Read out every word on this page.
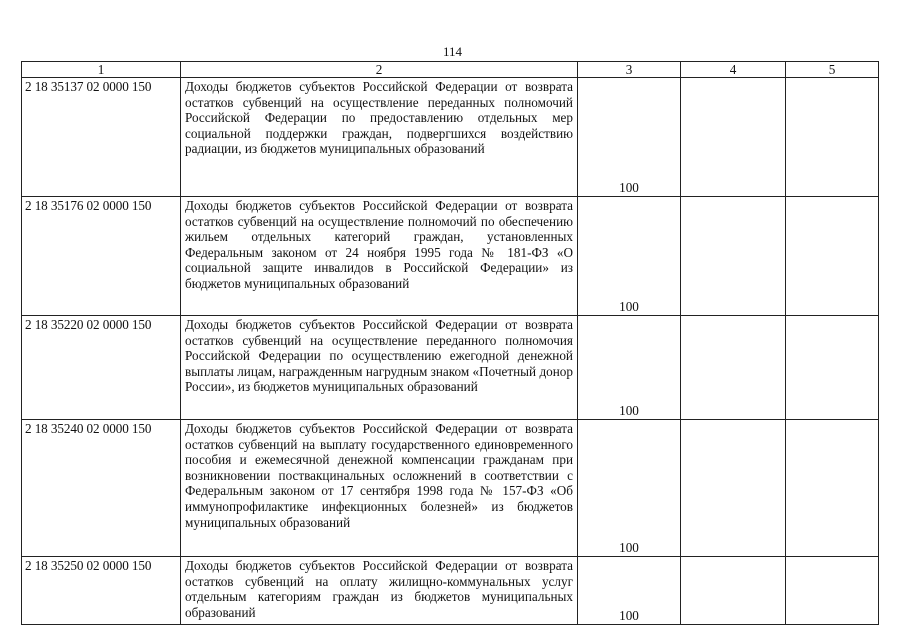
114
1	2	3	4	5
2 18 35137 02 0000 150	Доходы бюджетов субъектов Российской Федерации от возврата остатков субвенций на осуществление переданных полномочий Российской Федерации по предоставлению отдельных мер социальной поддержки граждан, подвергшихся воздействию радиации, из бюджетов муниципальных образований	100		
2 18 35176 02 0000 150	Доходы бюджетов субъектов Российской Федерации от возврата остатков субвенций на осуществление полномочий по обеспечению жильем отдельных категорий граждан, установленных Федеральным законом от 24 ноября 1995 года № 181-ФЗ «О социальной защите инвалидов в Российской Федерации» из бюджетов муниципальных образований	100		
2 18 35220 02 0000 150	Доходы бюджетов субъектов Российской Федерации от возврата остатков субвенций на осуществление переданного полномочия Российской Федерации по осуществлению ежегодной денежной выплаты лицам, награжденным нагрудным знаком «Почетный донор России», из бюджетов муниципальных образований	100		
2 18 35240 02 0000 150	Доходы бюджетов субъектов Российской Федерации от возврата остатков субвенций на выплату государственного единовременного пособия и ежемесячной денежной компенсации гражданам при возникновении поствакцинальных осложнений в соответствии с Федеральным законом от 17 сентября 1998 года № 157-ФЗ «Об иммунопрофилактике инфекционных болезней» из бюджетов муниципальных образований	100		
2 18 35250 02 0000 150	Доходы бюджетов субъектов Российской Федерации от возврата остатков субвенций на оплату жилищно-коммунальных услуг отдельным категориям граждан из бюджетов муниципальных образований	100		
